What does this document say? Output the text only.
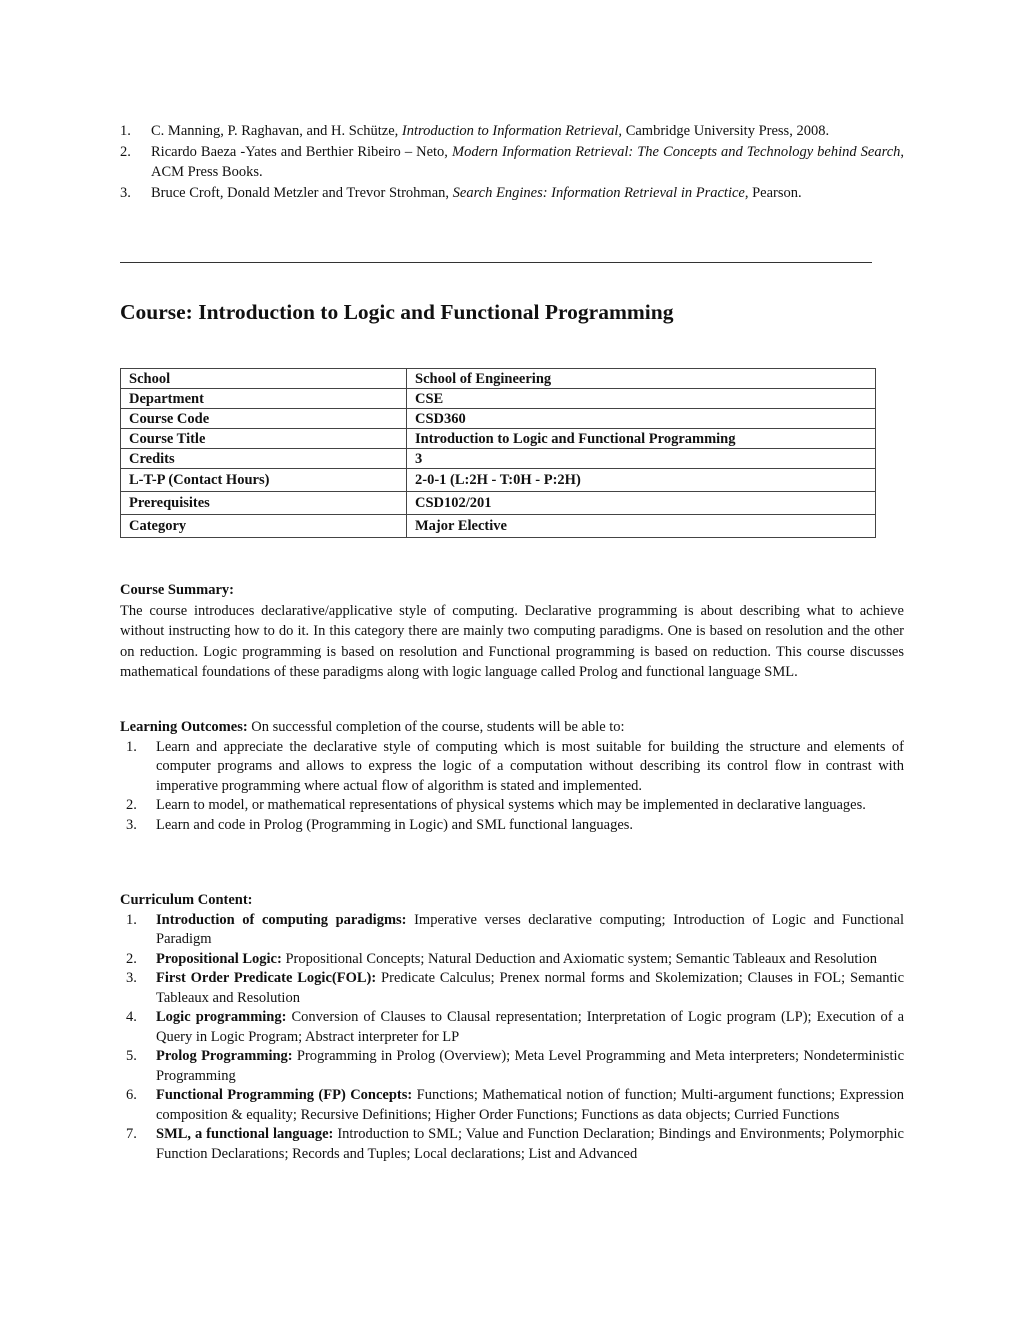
1. C. Manning, P. Raghavan, and H. Schütze, Introduction to Information Retrieval, Cambridge University Press, 2008.
2. Ricardo Baeza -Yates and Berthier Ribeiro – Neto, Modern Information Retrieval: The Concepts and Technology behind Search, ACM Press Books.
3. Bruce Croft, Donald Metzler and Trevor Strohman, Search Engines: Information Retrieval in Practice, Pearson.
Course: Introduction to Logic and Functional Programming
School	School of Engineering
Department	CSE
Course Code	CSD360
Course Title	Introduction to Logic and Functional Programming
Credits	3
L-T-P (Contact Hours)	2-0-1 (L:2H - T:0H - P:2H)
Prerequisites	CSD102/201
Category	Major Elective
Course Summary:
The course introduces declarative/applicative style of computing. Declarative programming is about describing what to achieve without instructing how to do it. In this category there are mainly two computing paradigms. One is based on resolution and the other on reduction. Logic programming is based on resolution and Functional programming is based on reduction. This course discusses mathematical foundations of these paradigms along with logic language called Prolog and functional language SML.
Learning Outcomes: On successful completion of the course, students will be able to:
1. Learn and appreciate the declarative style of computing which is most suitable for building the structure and elements of computer programs and allows to express the logic of a computation without describing its control flow in contrast with imperative programming where actual flow of algorithm is stated and implemented.
2. Learn to model, or mathematical representations of physical systems which may be implemented in declarative languages.
3. Learn and code in Prolog (Programming in Logic) and SML functional languages.
Curriculum Content:
1. Introduction of computing paradigms: Imperative verses declarative computing; Introduction of Logic and Functional Paradigm
2. Propositional Logic: Propositional Concepts; Natural Deduction and Axiomatic system; Semantic Tableaux and Resolution
3. First Order Predicate Logic(FOL): Predicate Calculus; Prenex normal forms and Skolemization; Clauses in FOL; Semantic Tableaux and Resolution
4. Logic programming: Conversion of Clauses to Clausal representation; Interpretation of Logic program (LP); Execution of a Query in Logic Program; Abstract interpreter for LP
5. Prolog Programming: Programming in Prolog (Overview); Meta Level Programming and Meta interpreters; Nondeterministic Programming
6. Functional Programming (FP) Concepts: Functions; Mathematical notion of function; Multi-argument functions; Expression composition & equality; Recursive Definitions; Higher Order Functions; Functions as data objects; Curried Functions
7. SML, a functional language: Introduction to SML; Value and Function Declaration; Bindings and Environments; Polymorphic Function Declarations; Records and Tuples; Local declarations; List and Advanced
